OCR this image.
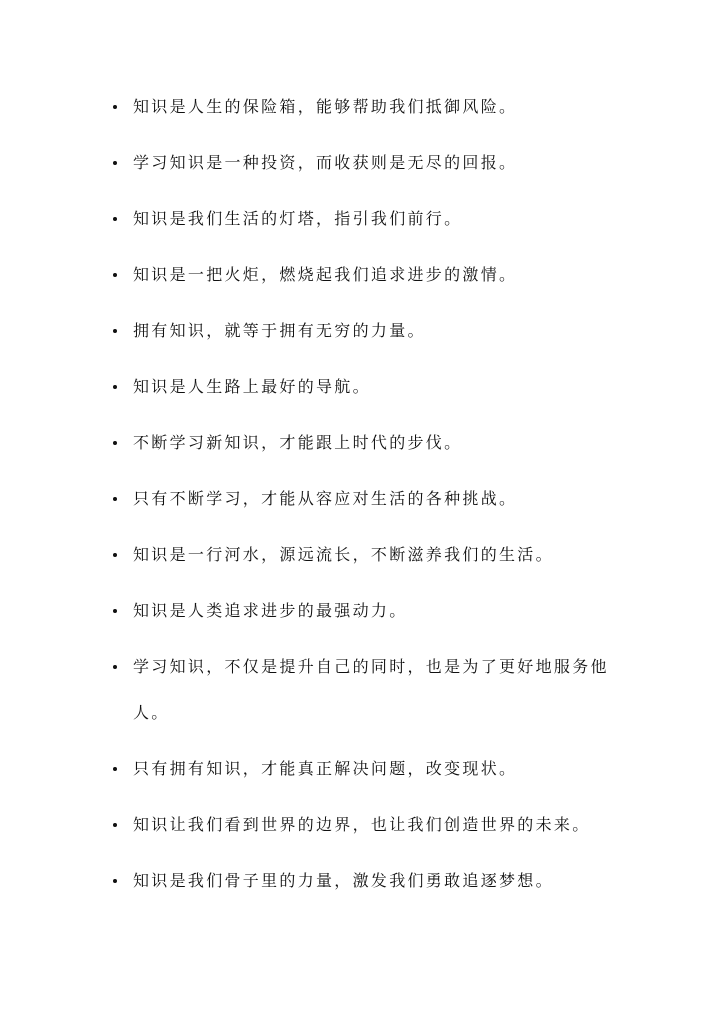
知识是人生的保险箱，能够帮助我们抵御风险。
学习知识是一种投资，而收获则是无尽的回报。
知识是我们生活的灯塔，指引我们前行。
知识是一把火炬，燃烧起我们追求进步的激情。
拥有知识，就等于拥有无穷的力量。
知识是人生路上最好的导航。
不断学习新知识，才能跟上时代的步伐。
只有不断学习，才能从容应对生活的各种挑战。
知识是一行河水，源远流长，不断滋养我们的生活。
知识是人类追求进步的最强动力。
学习知识，不仅是提升自己的同时，也是为了更好地服务他人。
只有拥有知识，才能真正解决问题，改变现状。
知识让我们看到世界的边界，也让我们创造世界的未来。
知识是我们骨子里的力量，激发我们勇敢追逐梦想。
